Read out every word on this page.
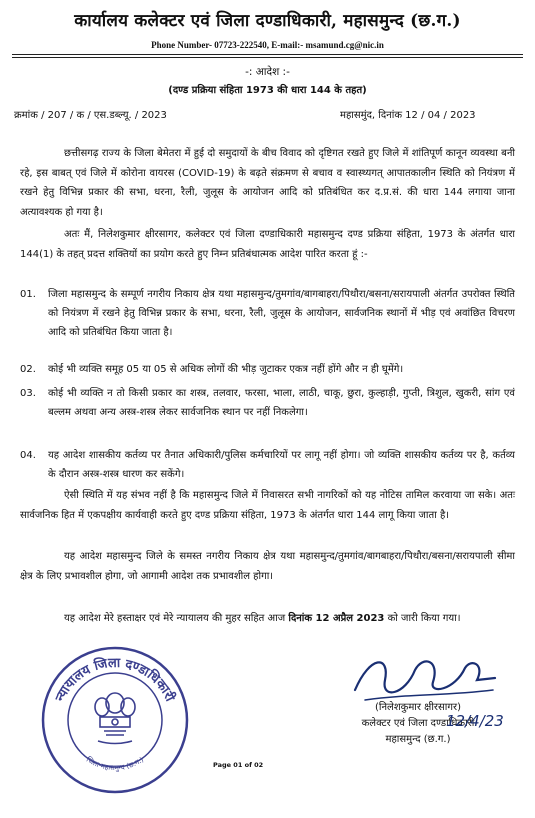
कार्यालय कलेक्टर एवं जिला दण्डाधिकारी, महासमुन्द (छ.ग.)
Phone Number- 07723-222540, E-mail:- msamund.cg@nic.in
-: आदेश :-
(दण्ड प्रक्रिया संहिता 1973 की धारा 144 के तहत)
क्रमांक / 207 / क / एस.डब्ल्यू. / 2023	महासमुंद, दिनांक 12 / 04 / 2023
छत्तीसगढ़ राज्य के जिला बेमेतरा में हुई दो समुदायों के बीच विवाद को दृष्टिगत रखते हुए जिले में शांतिपूर्ण कानून व्यवस्था बनी रहे, इस बाबत् एवं जिले में कोरोना वायरस (COVID-19) के बढ़ते संक्रमण से बचाव व स्वास्थ्यगत् आपातकालीन स्थिति को नियंत्रण में रखने हेतु विभिन्न प्रकार की सभा, धरना, रैली, जुलूस के आयोजन आदि को प्रतिबंधित कर द.प्र.सं. की धारा 144 लगाया जाना अत्यावश्यक हो गया है।
अतः मैं, निलेशकुमार क्षीरसागर, कलेक्टर एवं जिला दण्डाधिकारी महासमुन्द दण्ड प्रक्रिया संहिता, 1973 के अंतर्गत धारा 144(1) के तहत् प्रदत्त शक्तियों का प्रयोग करते हुए निम्न प्रतिबंधात्मक आदेश पारित करता हूं :-
01. जिला महासमुन्द के सम्पूर्ण नगरीय निकाय क्षेत्र यथा महासमुन्द/तुमगांव/बागबाहरा/पिथौरा/बसना/सरायपाली अंतर्गत उपरोक्त स्थिति को नियंत्रण में रखने हेतु विभिन्न प्रकार के सभा, धरना, रैली, जुलूस के आयोजन, सार्वजनिक स्थानों में भीड़ एवं अवांछित विचरण आदि को प्रतिबंधित किया जाता है।
02. कोई भी व्यक्ति समूह 05 या 05 से अधिक लोगों की भीड़ जुटाकर एकत्र नहीं होंगे और न ही घूमेंगे।
03. कोई भी व्यक्ति न तो किसी प्रकार का शस्त्र, तलवार, फरसा, भाला, लाठी, चाकू, छुरा, कुल्हाड़ी, गुप्ती, त्रिशुल, खुकरी, सांग एवं बल्लम अथवा अन्य अस्त्र-शस्त्र लेकर सार्वजनिक स्थान पर नहीं निकलेगा।
04. यह आदेश शासकीय कर्तव्य पर तैनात अधिकारी/पुलिस कर्मचारियों पर लागू नहीं होगा। जो व्यक्ति शासकीय कर्तव्य पर है, कर्तव्य के दौरान अस्त्र-शस्त्र धारण कर सकेंगे।
ऐसी स्थिति में यह संभव नहीं है कि महासमुन्द जिले में निवासरत सभी नागरिकों को यह नोटिस तामिल करवाया जा सके। अतः सार्वजनिक हित में एकपक्षीय कार्यवाही करते हुए दण्ड प्रक्रिया संहिता, 1973 के अंतर्गत धारा 144 लागू किया जाता है।
यह आदेश महासमुन्द जिले के समस्त नगरीय निकाय क्षेत्र यथा महासमुन्द/तुमगांव/बागबाहरा/पिथौरा/बसना/सरायपाली सीमा क्षेत्र के लिए प्रभावशील होगा, जो आगामी आदेश तक प्रभावशील होगा।
यह आदेश मेरे हस्ताक्षर एवं मेरे न्यायालय की मुहर सहित आज दिनांक 12 अप्रैल 2023 को जारी किया गया।
न्यायालय जिला दण्डाधिकारी
जिला-महासमुन्द (छ.ग.)
(निलेशकुमार क्षीरसागर)
कलेक्टर एवं जिला दण्डाधिकारी
महासमुन्द (छ.ग.)
12/4/23
Page 01 of 02
